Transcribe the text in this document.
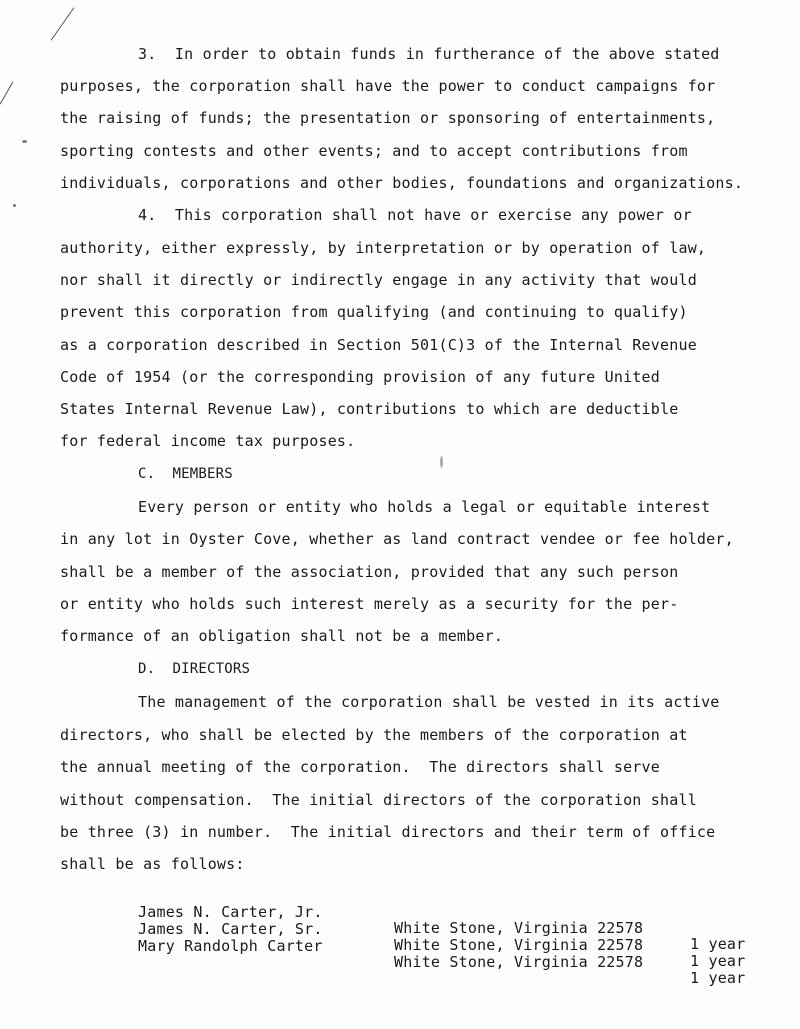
3.  In order to obtain funds in furtherance of the above stated
purposes, the corporation shall have the power to conduct campaigns for
the raising of funds; the presentation or sponsoring of entertainments,
sporting contests and other events; and to accept contributions from
individuals, corporations and other bodies, foundations and organizations.
4.  This corporation shall not have or exercise any power or
authority, either expressly, by interpretation or by operation of law,
nor shall it directly or indirectly engage in any activity that would
prevent this corporation from qualifying (and continuing to qualify)
as a corporation described in Section 501(C)3 of the Internal Revenue
Code of 1954 (or the corresponding provision of any future United
States Internal Revenue Law), contributions to which are deductible
for federal income tax purposes.
C.  MEMBERS
Every person or entity who holds a legal or equitable interest
in any lot in Oyster Cove, whether as land contract vendee or fee holder,
shall be a member of the association, provided that any such person
or entity who holds such interest merely as a security for the per-
formance of an obligation shall not be a member.
D.  DIRECTORS
The management of the corporation shall be vested in its active
directors, who shall be elected by the members of the corporation at
the annual meeting of the corporation.  The directors shall serve
without compensation.  The initial directors of the corporation shall
be three (3) in number.  The initial directors and their term of office
shall be as follows:

James N. Carter, Jr.

White Stone, Virginia 22578

1 year

James N. Carter, Sr.

White Stone, Virginia 22578

1 year

Mary Randolph Carter

White Stone, Virginia 22578

1 year
